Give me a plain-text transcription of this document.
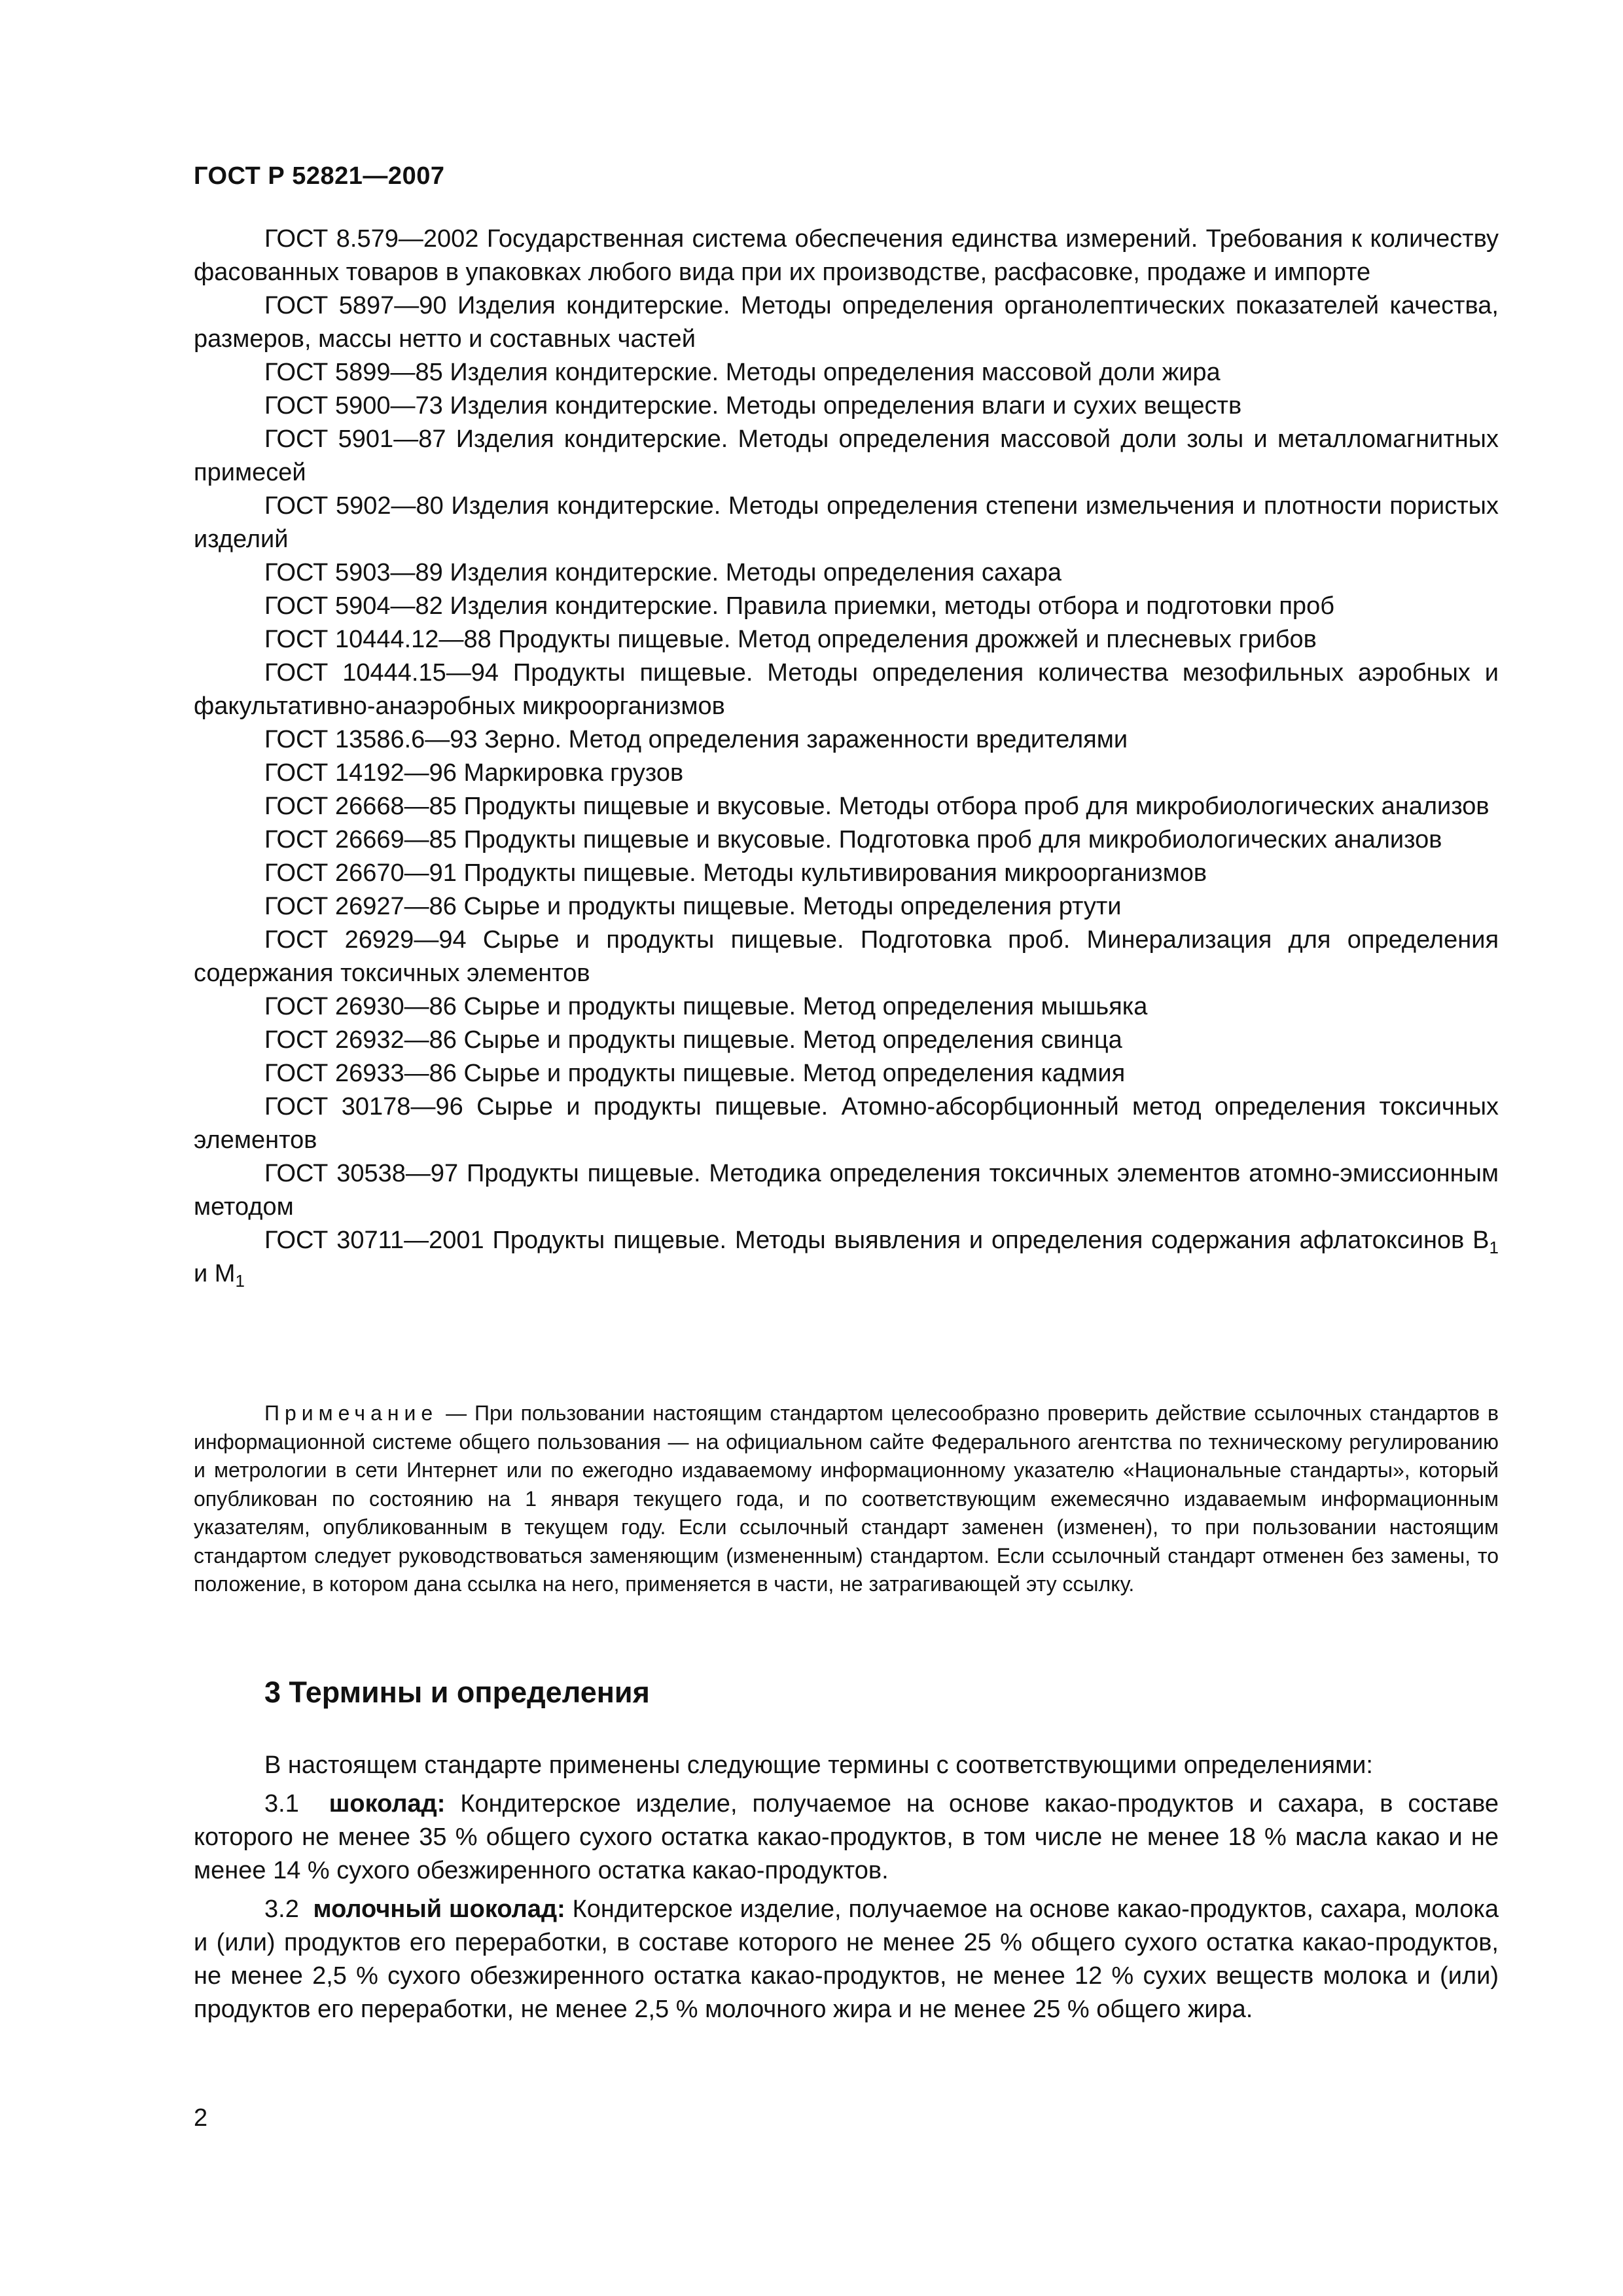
ГОСТ Р 52821—2007

ГОСТ 8.579—2002 Государственная система обеспечения единства измерений. Требования к количеству фасованных товаров в упаковках любого вида при их производстве, расфасовке, продаже и импорте

ГОСТ 5897—90 Изделия кондитерские. Методы определения органолептических показателей качества, размеров, массы нетто и составных частей

ГОСТ 5899—85 Изделия кондитерские. Методы определения массовой доли жира

ГОСТ 5900—73 Изделия кондитерские. Методы определения влаги и сухих веществ

ГОСТ 5901—87 Изделия кондитерские. Методы определения массовой доли золы и металломагнитных примесей

ГОСТ 5902—80 Изделия кондитерские. Методы определения степени измельчения и плотности пористых изделий

ГОСТ 5903—89 Изделия кондитерские. Методы определения сахара

ГОСТ 5904—82 Изделия кондитерские. Правила приемки, методы отбора и подготовки проб

ГОСТ 10444.12—88 Продукты пищевые. Метод определения дрожжей и плесневых грибов

ГОСТ 10444.15—94 Продукты пищевые. Методы определения количества мезофильных аэробных и факультативно-анаэробных микроорганизмов

ГОСТ 13586.6—93 Зерно. Метод определения зараженности вредителями

ГОСТ 14192—96 Маркировка грузов

ГОСТ 26668—85 Продукты пищевые и вкусовые. Методы отбора проб для микробиологических анализов

ГОСТ 26669—85 Продукты пищевые и вкусовые. Подготовка проб для микробиологических анализов

ГОСТ 26670—91 Продукты пищевые. Методы культивирования микроорганизмов

ГОСТ 26927—86 Сырье и продукты пищевые. Методы определения ртути

ГОСТ 26929—94 Сырье и продукты пищевые. Подготовка проб. Минерализация для определения содержания токсичных элементов

ГОСТ 26930—86 Сырье и продукты пищевые. Метод определения мышьяка

ГОСТ 26932—86 Сырье и продукты пищевые. Метод определения свинца

ГОСТ 26933—86 Сырье и продукты пищевые. Метод определения кадмия

ГОСТ 30178—96 Сырье и продукты пищевые. Атомно-абсорбционный метод определения токсичных элементов

ГОСТ 30538—97 Продукты пищевые. Методика определения токсичных элементов атомно-эмиссионным методом

ГОСТ 30711—2001 Продукты пищевые. Методы выявления и определения содержания афлатоксинов $B_1$ и $M_1$

Примечание — При пользовании настоящим стандартом целесообразно проверить действие ссылочных стандартов в информационной системе общего пользования — на официальном сайте Федерального агентства по техническому регулированию и метрологии в сети Интернет или по ежегодно издаваемому информационному указателю «Национальные стандарты», который опубликован по состоянию на 1 января текущего года, и по соответствующим ежемесячно издаваемым информационным указателям, опубликованным в текущем году. Если ссылочный стандарт заменен (изменен), то при пользовании настоящим стандартом следует руководствоваться заменяющим (измененным) стандартом. Если ссылочный стандарт отменен без замены, то положение, в котором дана ссылка на него, применяется в части, не затрагивающей эту ссылку.
3 Термины и определения

В настоящем стандарте применены следующие термины с соответствующими определениями:

3.1 шоколад: Кондитерское изделие, получаемое на основе какао-продуктов и сахара, в составе которого не менее 35 % общего сухого остатка какао-продуктов, в том числе не менее 18 % масла какао и не менее 14 % сухого обезжиренного остатка какао-продуктов.

3.2 молочный шоколад: Кондитерское изделие, получаемое на основе какао-продуктов, сахара, молока и (или) продуктов его переработки, в составе которого не менее 25 % общего сухого остатка какао-продуктов, не менее 2,5 % сухого обезжиренного остатка какао-продуктов, не менее 12 % сухих веществ молока и (или) продуктов его переработки, не менее 2,5 % молочного жира и не менее 25 % общего жира.

2
